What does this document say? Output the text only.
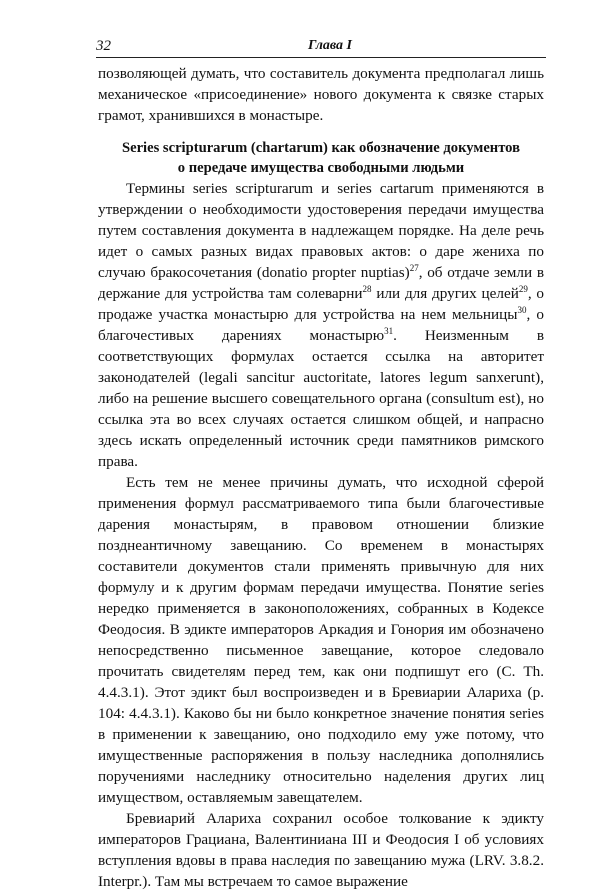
32	Глава I

позволяющей думать, что составитель документа предполагал лишь механическое «присоединение» нового документа к связке старых грамот, хранившихся в монастыре.

Series scripturarum (chartarum) как обозначение документов
о передаче имущества свободными людьми

Термины series scripturarum и series cartarum применяются в утверждении о необходимости удостоверения передачи имущества путем составления документа в надлежащем порядке. На деле речь идет о самых разных видах правовых актов: о даре жениха по случаю бракосочетания (donatio propter nuptias)$^{27}$, об отдаче земли в держание для устройства там солеварни$^{28}$ или для других целей$^{29}$, о продаже участка монастырю для устройства на нем мельницы$^{30}$, о благочестивых дарениях монастырю$^{31}$. Неизменным в соответствующих формулах остается ссылка на авторитет законодателей (legali sancitur auctoritate, latores legum sanxerunt), либо на решение высшего совещательного органа (consultum est), но ссылка эта во всех случаях остается слишком общей, и напрасно здесь искать определенный источник среди памятников римского права.

Есть тем не менее причины думать, что исходной сферой применения формул рассматриваемого типа были благочестивые дарения монастырям, в правовом отношении близкие позднеантичному завещанию. Со временем в монастырях составители документов стали применять привычную для них формулу и к другим формам передачи имущества. Понятие series нередко применяется в законоположениях, собранных в Кодексе Феодосия. В эдикте императоров Аркадия и Гонория им обозначено непосредственно письменное завещание, которое следовало прочитать свидетелям перед тем, как они подпишут его (C. Th. 4.4.3.1). Этот эдикт был воспроизведен и в Бревиарии Алариха (p. 104: 4.4.3.1). Каково бы ни было конкретное значение понятия series в применении к завещанию, оно подходило ему уже потому, что имущественные распоряжения в пользу наследника дополнялись поручениями наследнику относительно наделения других лиц имуществом, оставляемым завещателем.

Бревиарий Алариха сохранил особое толкование к эдикту императоров Грациана, Валентиниана III и Феодосия I об условиях вступления вдовы в права наследия по завещанию мужа (LRV. 3.8.2. Interpr.). Там мы встречаем то самое выражение
